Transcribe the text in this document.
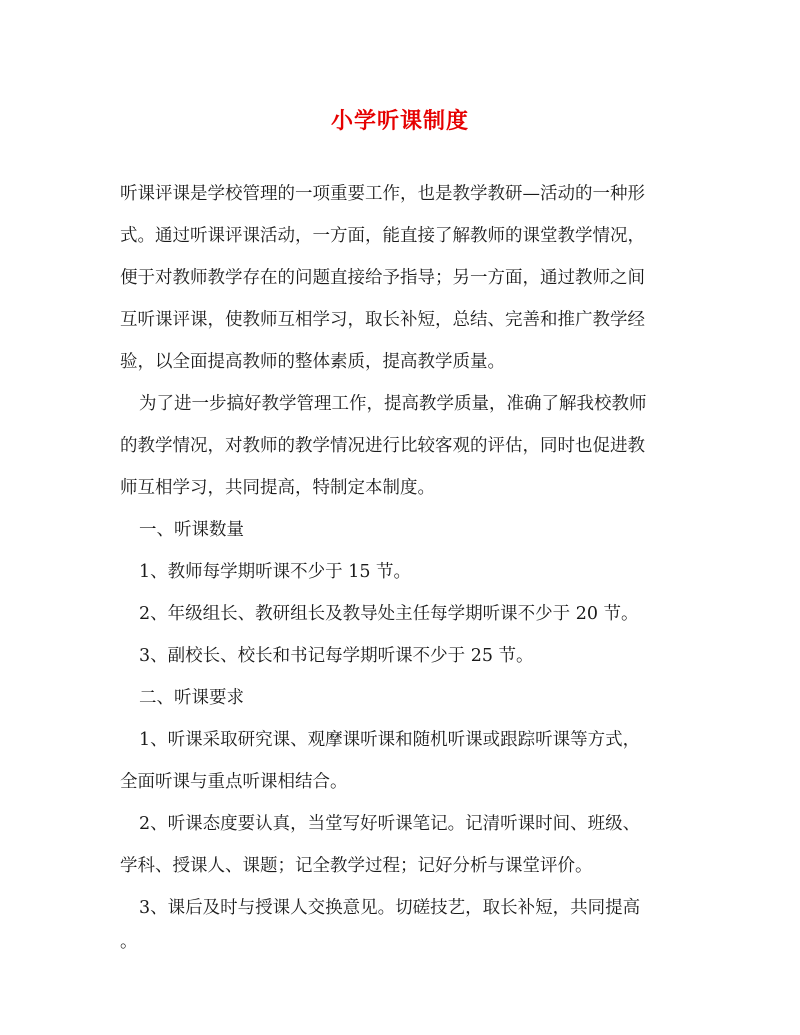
小学听课制度

听课评课是学校管理的一项重要工作，也是教学教研—活动的一种形

式。通过听课评课活动，一方面，能直接了解教师的课堂教学情况，

便于对教师教学存在的问题直接给予指导；另一方面，通过教师之间

互听课评课，使教师互相学习，取长补短，总结、完善和推广教学经

验，以全面提高教师的整体素质，提高教学质量。

为了进一步搞好教学管理工作，提高教学质量，准确了解我校教师

的教学情况，对教师的教学情况进行比较客观的评估，同时也促进教

师互相学习，共同提高，特制定本制度。

一、听课数量

1、教师每学期听课不少于 15 节。

2、年级组长、教研组长及教导处主任每学期听课不少于 20 节。

3、副校长、校长和书记每学期听课不少于 25 节。

二、听课要求

1、听课采取研究课、观摩课听课和随机听课或跟踪听课等方式，

全面听课与重点听课相结合。

2、听课态度要认真，当堂写好听课笔记。记清听课时间、班级、

学科、授课人、课题；记全教学过程；记好分析与课堂评价。

3、课后及时与授课人交换意见。切磋技艺，取长补短，共同提高

。
